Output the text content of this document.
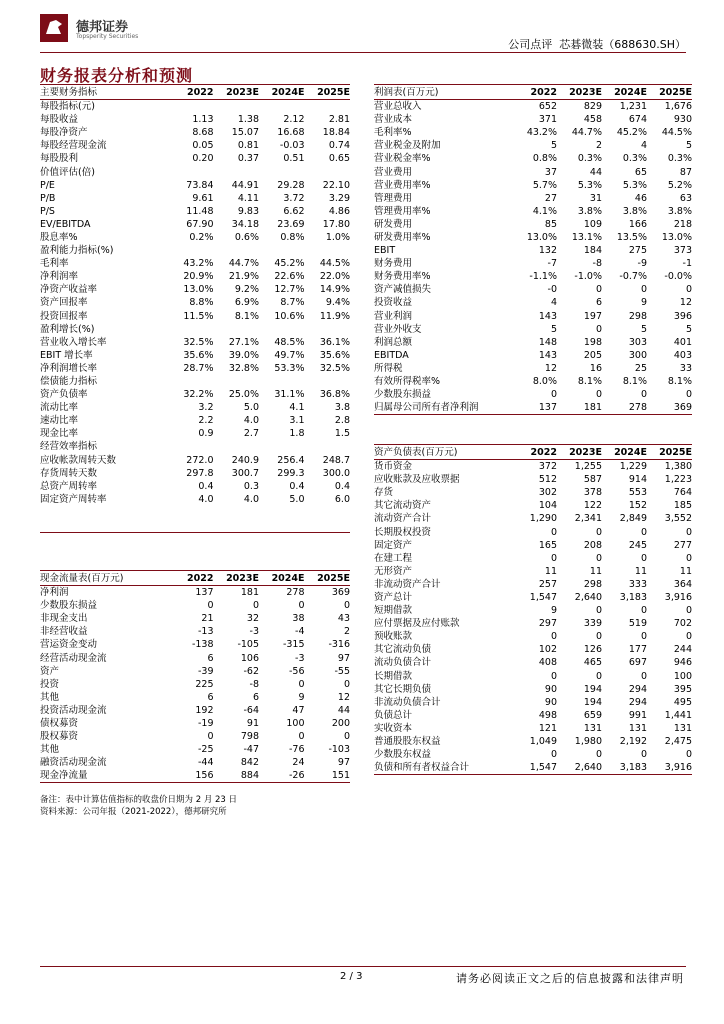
德邦证券
Topsperity Securities
公司点评 芯碁微装（688630.SH）
财务报表分析和预测
主要财务指标	2022	2023E	2024E	2025E
每股指标(元)				
每股收益	1.13	1.38	2.12	2.81
每股净资产	8.68	15.07	16.68	18.84
每股经营现金流	0.05	0.81	-0.03	0.74
每股股利	0.20	0.37	0.51	0.65
价值评估(倍)				
P/E	73.84	44.91	29.28	22.10
P/B	9.61	4.11	3.72	3.29
P/S	11.48	9.83	6.62	4.86
EV/EBITDA	67.90	34.18	23.69	17.80
股息率%	0.2%	0.6%	0.8%	1.0%
盈利能力指标(%)				
毛利率	43.2%	44.7%	45.2%	44.5%
净利润率	20.9%	21.9%	22.6%	22.0%
净资产收益率	13.0%	9.2%	12.7%	14.9%
资产回报率	8.8%	6.9%	8.7%	9.4%
投资回报率	11.5%	8.1%	10.6%	11.9%
盈利增长(%)				
营业收入增长率	32.5%	27.1%	48.5%	36.1%
EBIT 增长率	35.6%	39.0%	49.7%	35.6%
净利润增长率	28.7%	32.8%	53.3%	32.5%
偿债能力指标				
资产负债率	32.2%	25.0%	31.1%	36.8%
流动比率	3.2	5.0	4.1	3.8
速动比率	2.2	4.0	3.1	2.8
现金比率	0.9	2.7	1.8	1.5
经营效率指标				
应收帐款周转天数	272.0	240.9	256.4	248.7
存货周转天数	297.8	300.7	299.3	300.0
总资产周转率	0.4	0.3	0.4	0.4
固定资产周转率	4.0	4.0	5.0	6.0

现金流量表(百万元)	2022	2023E	2024E	2025E
净利润	137	181	278	369
少数股东损益	0	0	0	0
非现金支出	21	32	38	43
非经营收益	-13	-3	-4	2
营运资金变动	-138	-105	-315	-316
经营活动现金流	6	106	-3	97
资产	-39	-62	-56	-55
投资	225	-8	0	0
其他	6	6	9	12
投资活动现金流	192	-64	47	44
债权募资	-19	91	100	200
股权募资	0	798	0	0
其他	-25	-47	-76	-103
融资活动现金流	-44	842	24	97
现金净流量	156	884	-26	151
利润表(百万元)	2022	2023E	2024E	2025E
营业总收入	652	829	1,231	1,676
营业成本	371	458	674	930
毛利率%	43.2%	44.7%	45.2%	44.5%
营业税金及附加	5	2	4	5
营业税金率%	0.8%	0.3%	0.3%	0.3%
营业费用	37	44	65	87
营业费用率%	5.7%	5.3%	5.3%	5.2%
管理费用	27	31	46	63
管理费用率%	4.1%	3.8%	3.8%	3.8%
研发费用	85	109	166	218
研发费用率%	13.0%	13.1%	13.5%	13.0%
EBIT	132	184	275	373
财务费用	-7	-8	-9	-1
财务费用率%	-1.1%	-1.0%	-0.7%	-0.0%
资产减值损失	-0	0	0	0
投资收益	4	6	9	12
营业利润	143	197	298	396
营业外收支	5	0	5	5
利润总额	148	198	303	401
EBITDA	143	205	300	403
所得税	12	16	25	33
有效所得税率%	8.0%	8.1%	8.1%	8.1%
少数股东损益	0	0	0	0
归属母公司所有者净利润	137	181	278	369
资产负债表(百万元)	2022	2023E	2024E	2025E
货币资金	372	1,255	1,229	1,380
应收账款及应收票据	512	587	914	1,223
存货	302	378	553	764
其它流动资产	104	122	152	185
流动资产合计	1,290	2,341	2,849	3,552
长期股权投资	0	0	0	0
固定资产	165	208	245	277
在建工程	0	0	0	0
无形资产	11	11	11	11
非流动资产合计	257	298	333	364
资产总计	1,547	2,640	3,183	3,916
短期借款	9	0	0	0
应付票据及应付账款	297	339	519	702
预收账款	0	0	0	0
其它流动负债	102	126	177	244
流动负债合计	408	465	697	946
长期借款	0	0	0	100
其它长期负债	90	194	294	395
非流动负债合计	90	194	294	495
负债总计	498	659	991	1,441
实收资本	121	131	131	131
普通股股东权益	1,049	1,980	2,192	2,475
少数股东权益	0	0	0	0
负债和所有者权益合计	1,547	2,640	3,183	3,916
备注：表中计算估值指标的收盘价日期为 2 月 23 日
资料来源：公司年报（2021-2022），德邦研究所
2 / 3	请务必阅读正文之后的信息披露和法律声明
